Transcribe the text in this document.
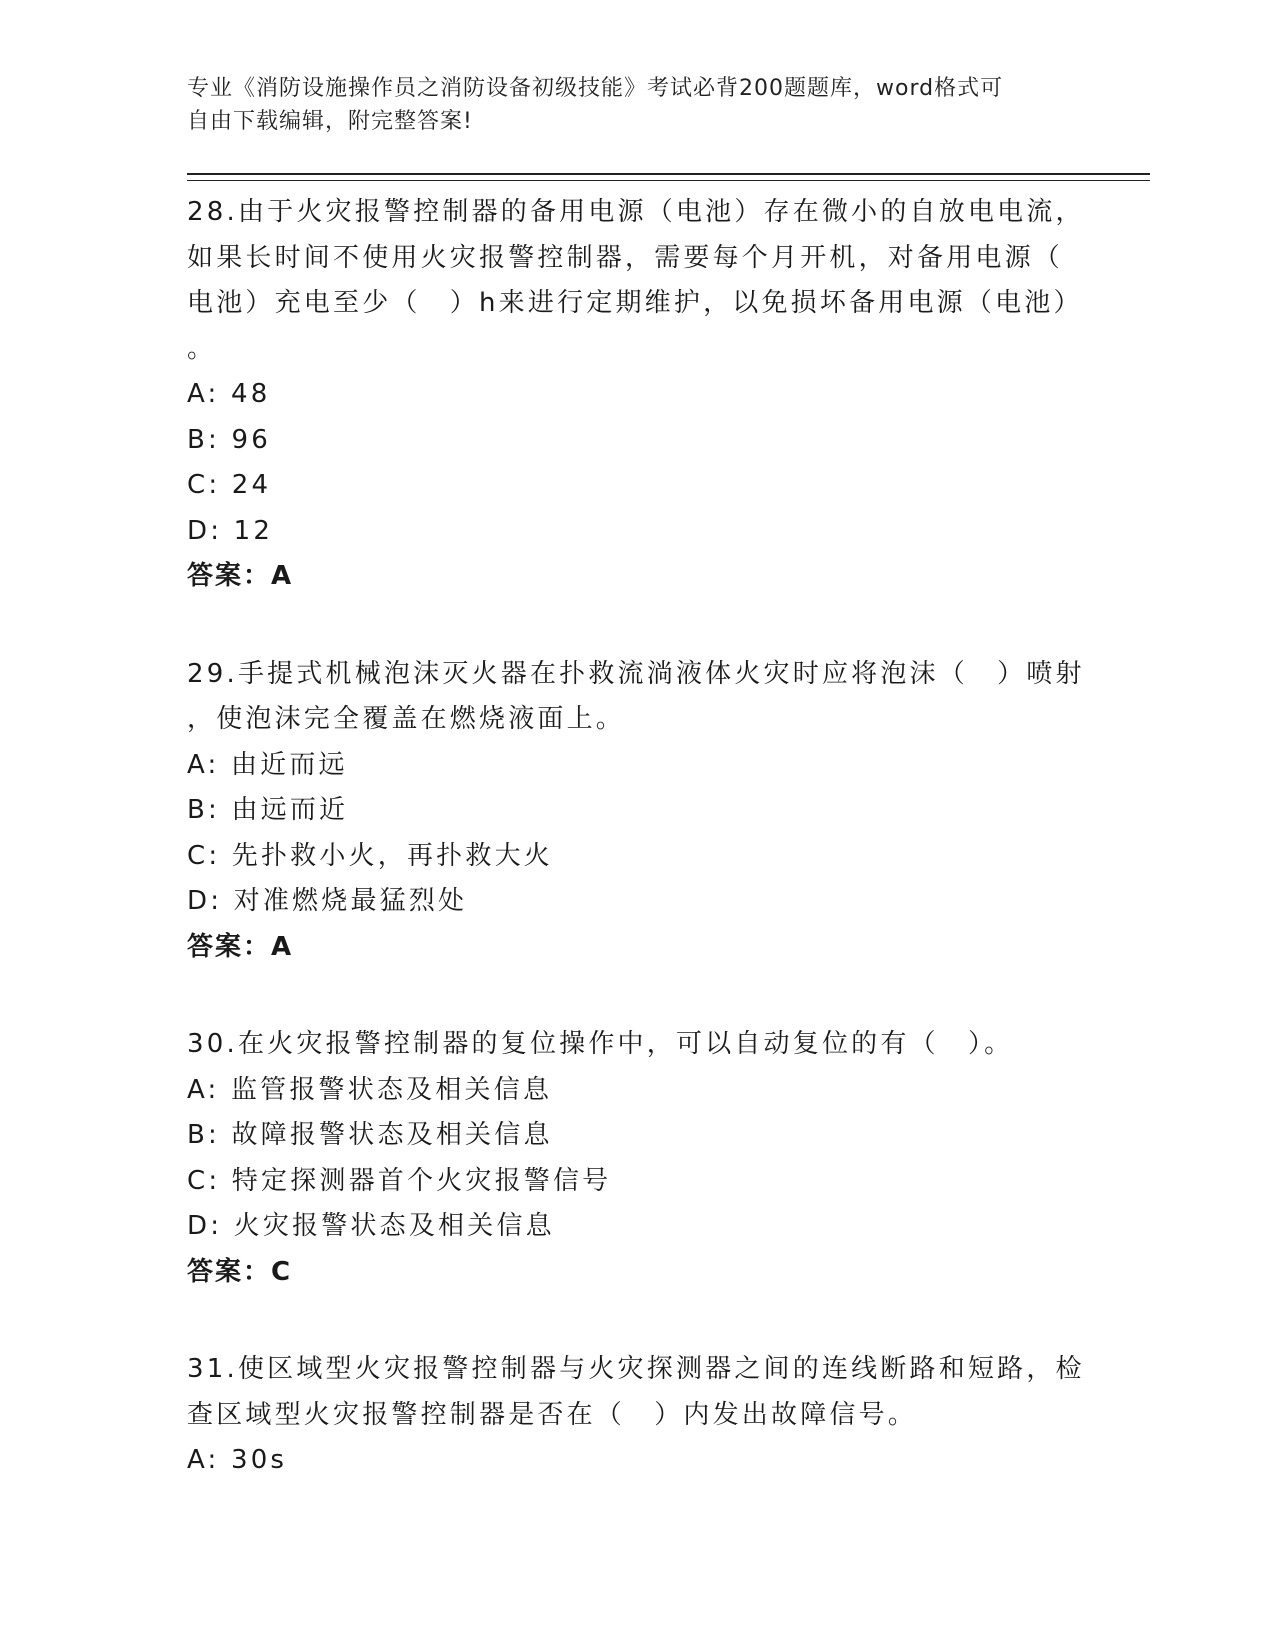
专业《消防设施操作员之消防设备初级技能》考试必背200题题库，word格式可
自由下载编辑，附完整答案!
28.由于火灾报警控制器的备用电源（电池）存在微小的自放电电流，
如果长时间不使用火灾报警控制器，需要每个月开机，对备用电源（
电池）充电至少（　）h来进行定期维护，以免损坏备用电源（电池）
。
A: 48
B: 96
C: 24
D: 12
答案：A
29.手提式机械泡沫灭火器在扑救流淌液体火灾时应将泡沫（　）喷射
，使泡沫完全覆盖在燃烧液面上。
A: 由近而远
B: 由远而近
C: 先扑救小火，再扑救大火
D: 对准燃烧最猛烈处
答案：A
30.在火灾报警控制器的复位操作中，可以自动复位的有（　）。
A: 监管报警状态及相关信息
B: 故障报警状态及相关信息
C: 特定探测器首个火灾报警信号
D: 火灾报警状态及相关信息
答案：C
31.使区域型火灾报警控制器与火灾探测器之间的连线断路和短路，检
查区域型火灾报警控制器是否在（　）内发出故障信号。
A: 30s
